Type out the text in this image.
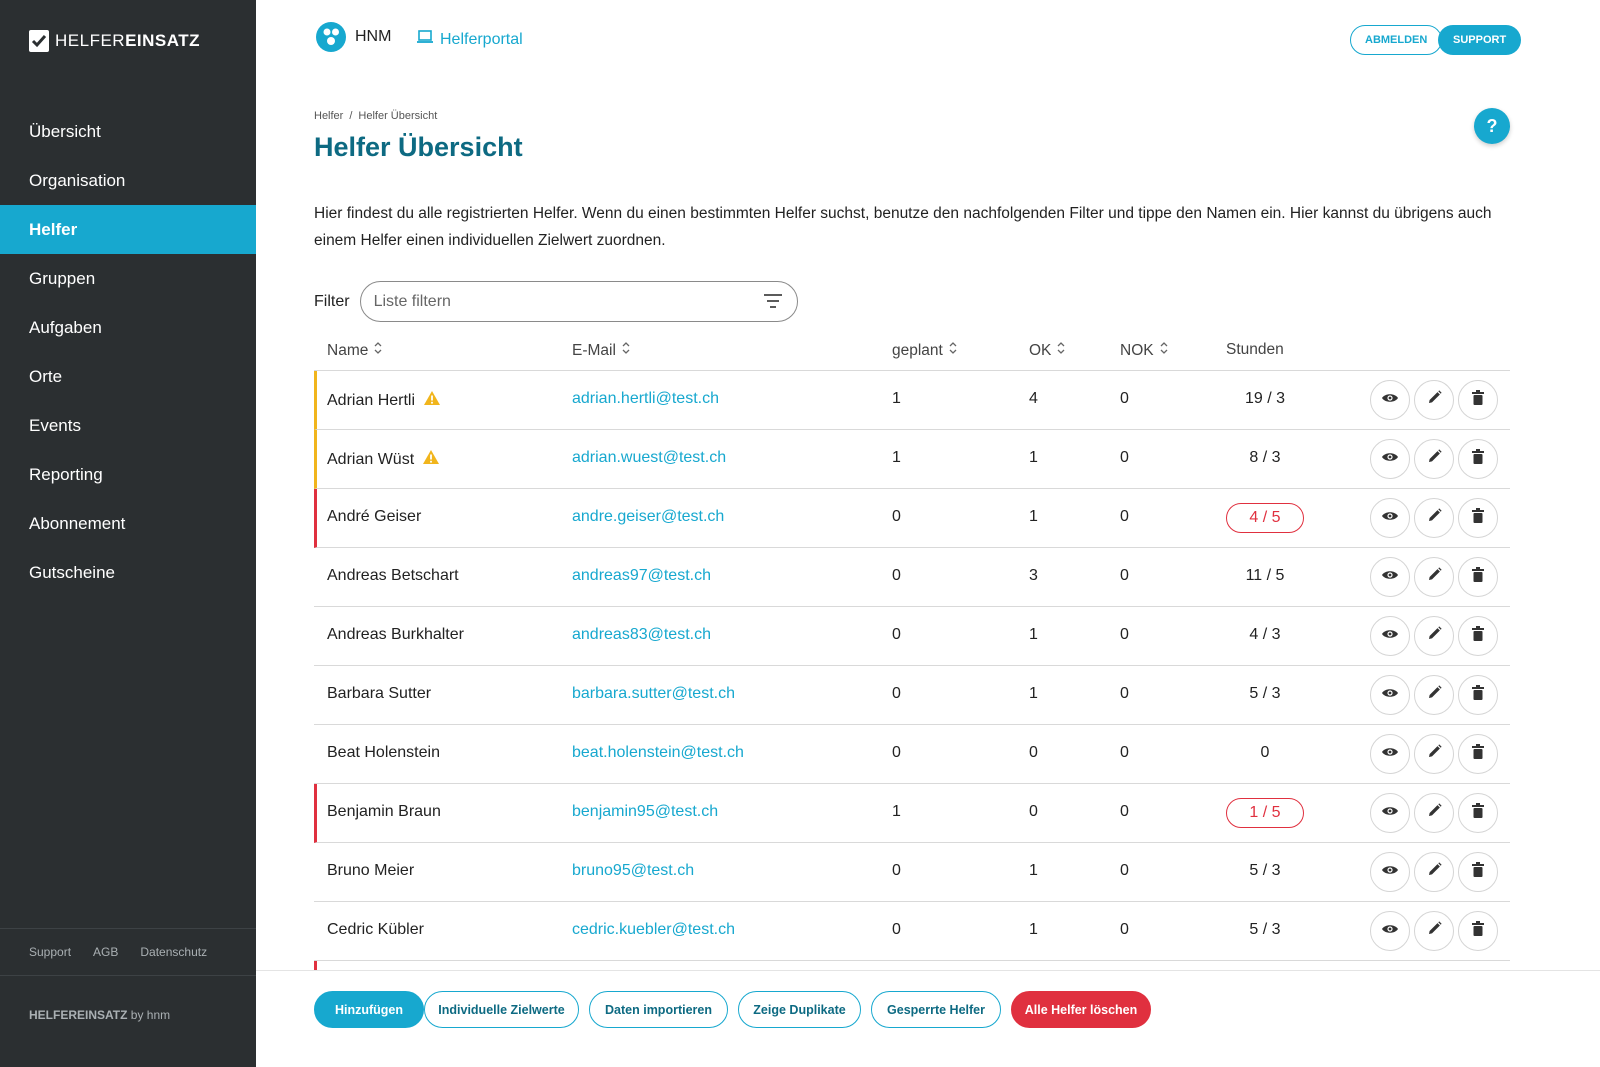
HELFEREINSATZ
Übersicht
Organisation
Helfer
Gruppen
Aufgaben
Orte
Events
Reporting
Abonnement
Gutscheine
Support AGB Datenschutz
HELFEREINSATZ by hnm
HNM	Helferportal	ABMELDEN	SUPPORT
Helfer / Helfer Übersicht
Helfer Übersicht
?

Hier findest du alle registrierten Helfer. Wenn du einen bestimmten Helfer suchst, benutze den nachfolgenden Filter und tippe den Namen ein. Hier kannst du übrigens auch einem Helfer einen individuellen Zielwert zuordnen.

Filter
Liste filtern
Name	E-Mail	geplant	OK	NOK	Stunden
Adrian Hertli	adrian.hertli@test.ch	1	4	0	19 / 3
Adrian Wüst	adrian.wuest@test.ch	1	1	0	8 / 3
André Geiser	andre.geiser@test.ch	0	1	0	4 / 5
Andreas Betschart	andreas97@test.ch	0	3	0	11 / 5
Andreas Burkhalter	andreas83@test.ch	0	1	0	4 / 3
Barbara Sutter	barbara.sutter@test.ch	0	1	0	5 / 3
Beat Holenstein	beat.holenstein@test.ch	0	0	0	0
Benjamin Braun	benjamin95@test.ch	1	0	0	1 / 5
Bruno Meier	bruno95@test.ch	0	1	0	5 / 3
Cedric Kübler	cedric.kuebler@test.ch	0	1	0	5 / 3
Hinzufügen	Individuelle Zielwerte	Daten importieren	Zeige Duplikate	Gesperrte Helfer	Alle Helfer löschen
